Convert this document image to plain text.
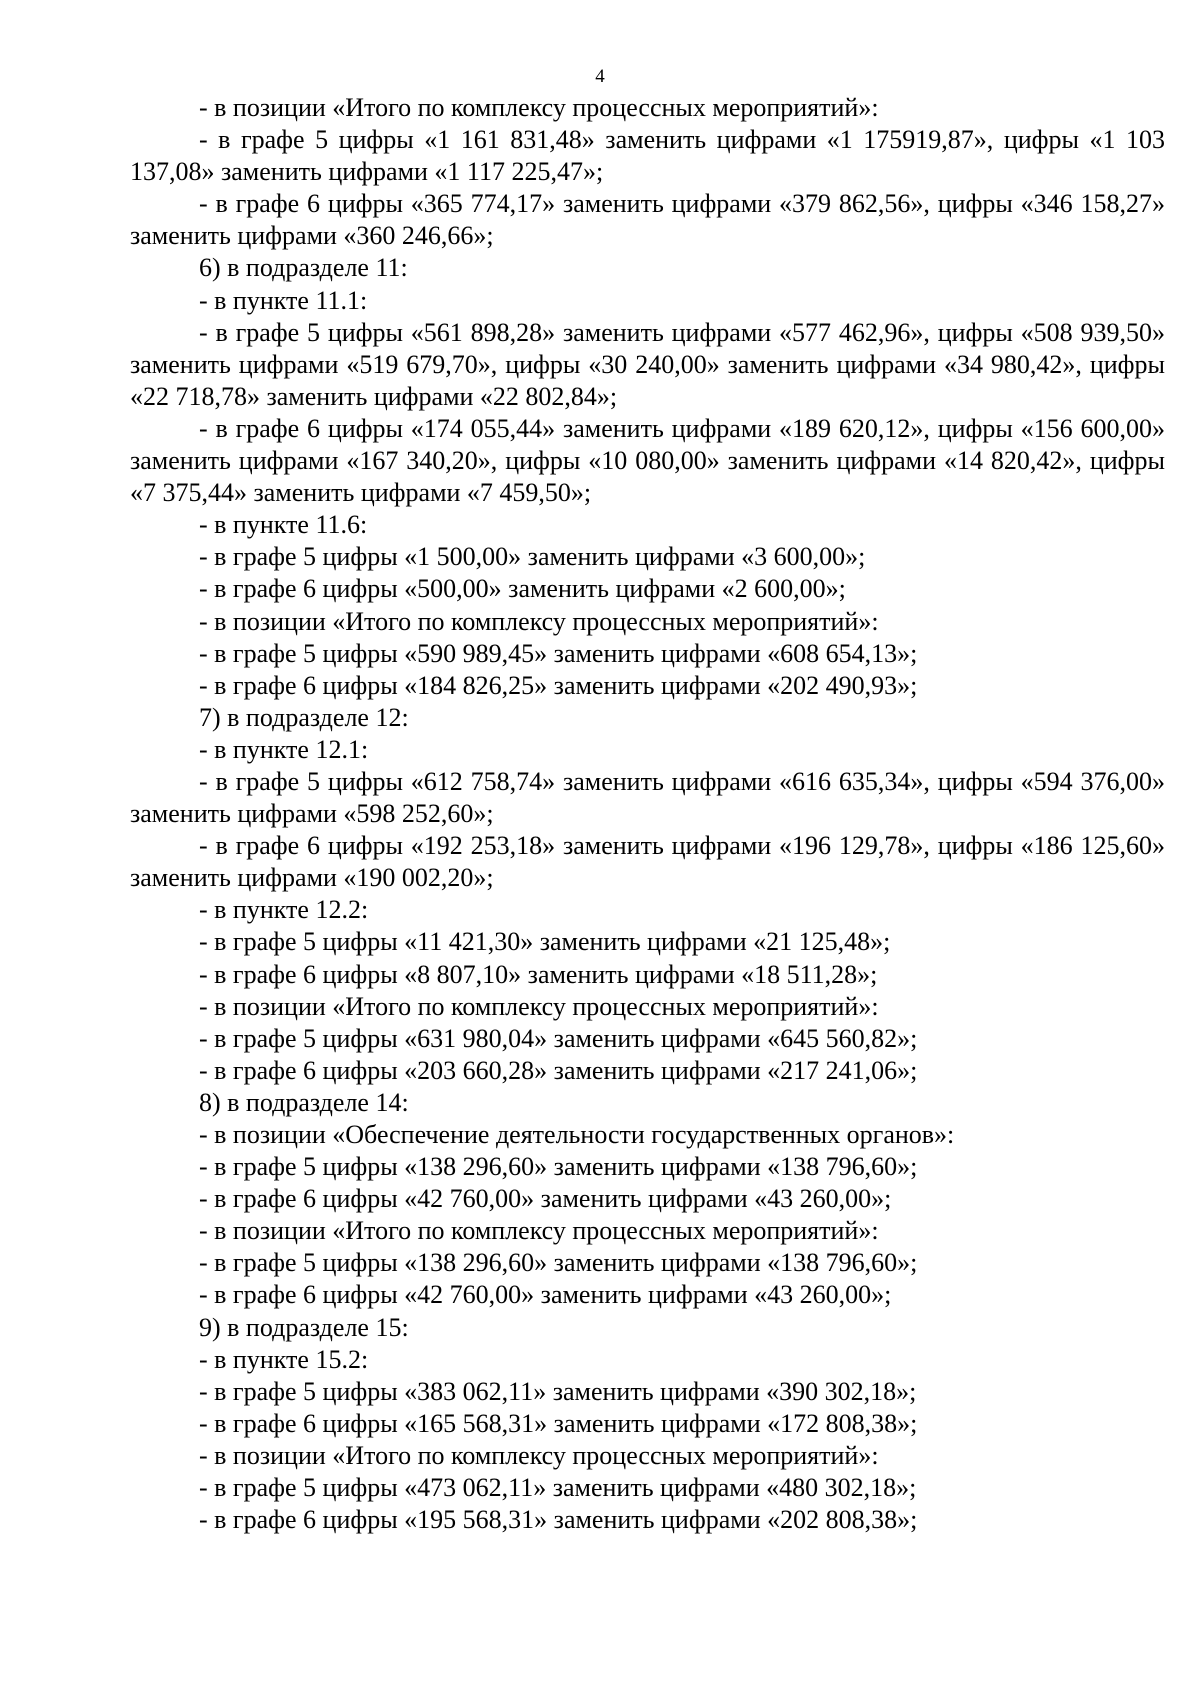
4

- в позиции «Итого по комплексу процессных мероприятий»:

- в графе 5 цифры «1 161 831,48» заменить цифрами «1 175919,87», цифры «1 103 137,08» заменить цифрами «1 117 225,47»;

- в графе 6 цифры «365 774,17» заменить цифрами «379 862,56», цифры «346 158,27» заменить цифрами «360 246,66»;

6) в подразделе 11:

- в пункте 11.1:

- в графе 5 цифры «561 898,28» заменить цифрами «577 462,96», цифры «508 939,50» заменить цифрами «519 679,70», цифры «30 240,00» заменить цифрами «34 980,42», цифры «22 718,78» заменить цифрами «22 802,84»;

- в графе 6 цифры «174 055,44» заменить цифрами «189 620,12», цифры «156 600,00» заменить цифрами «167 340,20», цифры «10 080,00» заменить цифрами «14 820,42», цифры «7 375,44» заменить цифрами «7 459,50»;

- в пункте 11.6:

- в графе 5 цифры «1 500,00» заменить цифрами «3 600,00»;

- в графе 6 цифры «500,00» заменить цифрами «2 600,00»;

- в позиции «Итого по комплексу процессных мероприятий»:

- в графе 5 цифры «590 989,45» заменить цифрами «608 654,13»;

- в графе 6 цифры «184 826,25» заменить цифрами «202 490,93»;

7) в подразделе 12:

- в пункте 12.1:

- в графе 5 цифры «612 758,74» заменить цифрами «616 635,34», цифры «594 376,00» заменить цифрами «598 252,60»;

- в графе 6 цифры «192 253,18» заменить цифрами «196 129,78», цифры «186 125,60» заменить цифрами «190 002,20»;

- в пункте 12.2:

- в графе 5 цифры «11 421,30» заменить цифрами «21 125,48»;

- в графе 6 цифры «8 807,10» заменить цифрами «18 511,28»;

- в позиции «Итого по комплексу процессных мероприятий»:

- в графе 5 цифры «631 980,04» заменить цифрами «645 560,82»;

- в графе 6 цифры «203 660,28» заменить цифрами «217 241,06»;

8) в подразделе 14:

- в позиции «Обеспечение деятельности государственных органов»:

- в графе 5 цифры «138 296,60» заменить цифрами «138 796,60»;

- в графе 6 цифры «42 760,00» заменить цифрами «43 260,00»;

- в позиции «Итого по комплексу процессных мероприятий»:

- в графе 5 цифры «138 296,60» заменить цифрами «138 796,60»;

- в графе 6 цифры «42 760,00» заменить цифрами «43 260,00»;

9) в подразделе 15:

- в пункте 15.2:

- в графе 5 цифры «383 062,11» заменить цифрами «390 302,18»;

- в графе 6 цифры «165 568,31» заменить цифрами «172 808,38»;

- в позиции «Итого по комплексу процессных мероприятий»:

- в графе 5 цифры «473 062,11» заменить цифрами «480 302,18»;

- в графе 6 цифры «195 568,31» заменить цифрами «202 808,38»;
